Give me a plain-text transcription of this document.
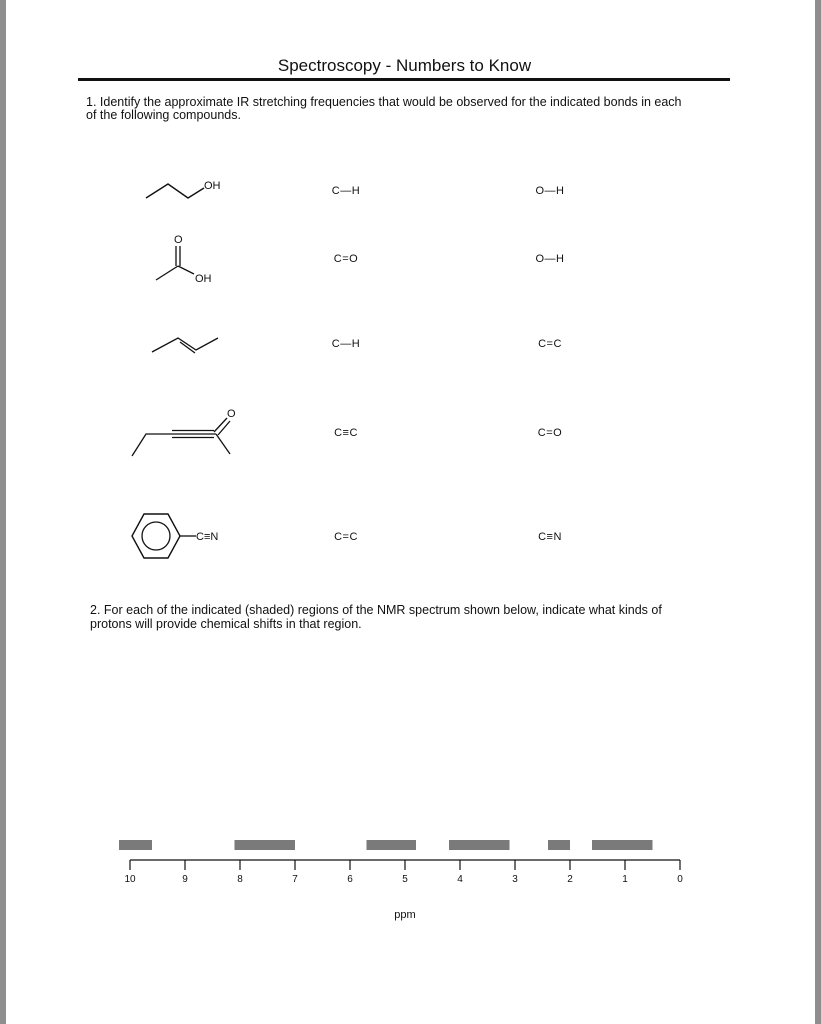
Spectroscopy - Numbers to Know
1. Identify the approximate IR stretching frequencies that would be observed for the indicated bonds in each
of the following compounds.
OH	C—H	O—H
O
OH
C=O	O—H
C—H	C=C
O
C≡C	C=O
C≡N	C=C	C≡N
2. For each of the indicated (shaded) regions of the NMR spectrum shown below, indicate what kinds of
protons will provide chemical shifts in that region.
10	9	8	7	6	5	4	3	2	1	0
ppm
